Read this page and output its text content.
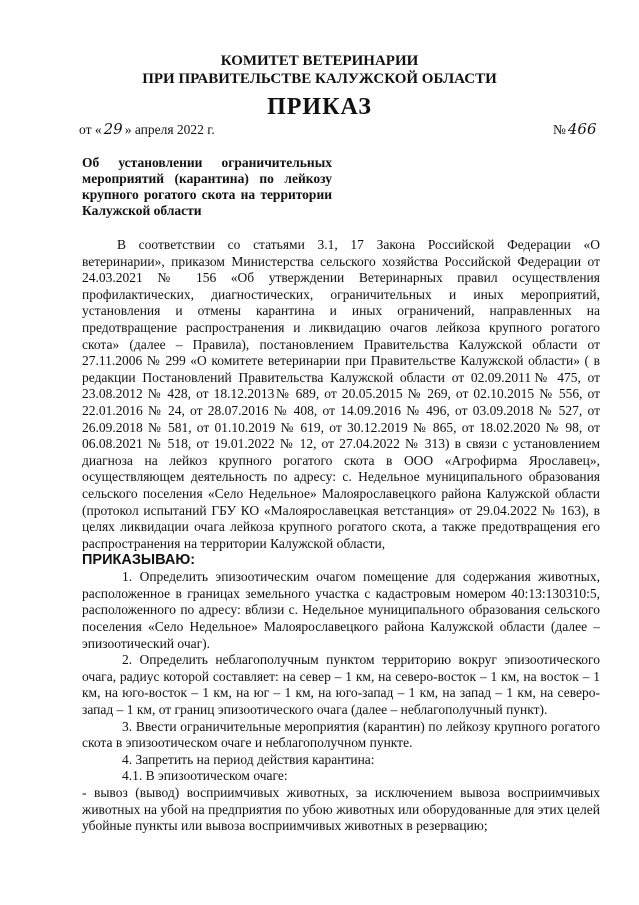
КОМИТЕТ ВЕТЕРИНАРИИ
ПРИ ПРАВИТЕЛЬСТВЕ КАЛУЖСКОЙ ОБЛАСТИ
ПРИКАЗ
от « 29 » апреля 2022 г.	№ 466
Об установлении ограничительных мероприятий (карантина) по лейкозу крупного рогатого скота на территории Калужской области

В соответствии со статьями 3.1, 17 Закона Российской Федерации «О ветеринарии», приказом Министерства сельского хозяйства Российской Федерации от 24.03.2021 № 156 «Об утверждении Ветеринарных правил осуществления профилактических, диагностических, ограничительных и иных мероприятий, установления и отмены карантина и иных ограничений, направленных на предотвращение распространения и ликвидацию очагов лейкоза крупного рогатого скота» (далее – Правила), постановлением Правительства Калужской области от 27.11.2006 № 299 «О комитете ветеринарии при Правительстве Калужской области» ( в редакции Постановлений Правительства Калужской области от 02.09.2011№ 475, от 23.08.2012 № 428, от 18.12.2013№ 689, от 20.05.2015 № 269, от 02.10.2015 № 556, от 22.01.2016 № 24, от 28.07.2016 № 408, от 14.09.2016 № 496, от 03.09.2018 № 527, от 26.09.2018 № 581, от 01.10.2019 № 619, от 30.12.2019 № 865, от 18.02.2020 № 98, от 06.08.2021 № 518, от 19.01.2022 № 12, от 27.04.2022 № 313) в связи с установлением диагноза на лейкоз крупного рогатого скота в ООО «Агрофирма Ярославец», осуществляющем деятельность по адресу: с. Недельное муниципального образования сельского поселения «Село Недельное» Малоярославецкого района Калужской области (протокол испытаний ГБУ КО «Малоярославецкая ветстанция» от 29.04.2022 № 163), в целях ликвидации очага лейкоза крупного рогатого скота, а также предотвращения его распространения на территории Калужской области,

ПРИКАЗЫВАЮ:

1. Определить эпизоотическим очагом помещение для содержания животных, расположенное в границах земельного участка с кадастровым номером 40:13:130310:5, расположенного по адресу: вблизи с. Недельное муниципального образования сельского поселения «Село Недельное» Малоярославецкого района Калужской области (далее – эпизоотический очаг).

2. Определить неблагополучным пунктом территорию вокруг эпизоотического очага, радиус которой составляет: на север – 1 км, на северо-восток – 1 км, на восток – 1 км, на юго-восток – 1 км, на юг – 1 км, на юго-запад – 1 км, на запад – 1 км, на северо-запад – 1 км, от границ эпизоотического очага (далее – неблагополучный пункт).

3. Ввести ограничительные мероприятия (карантин) по лейкозу крупного рогатого скота в эпизоотическом очаге и неблагополучном пункте.

4. Запретить на период действия карантина:

4.1. В эпизоотическом очаге:

- вывоз (вывод) восприимчивых животных, за исключением вывоза восприимчивых животных на убой на предприятия по убою животных или оборудованные для этих целей убойные пункты или вывоза восприимчивых животных в резервацию;
